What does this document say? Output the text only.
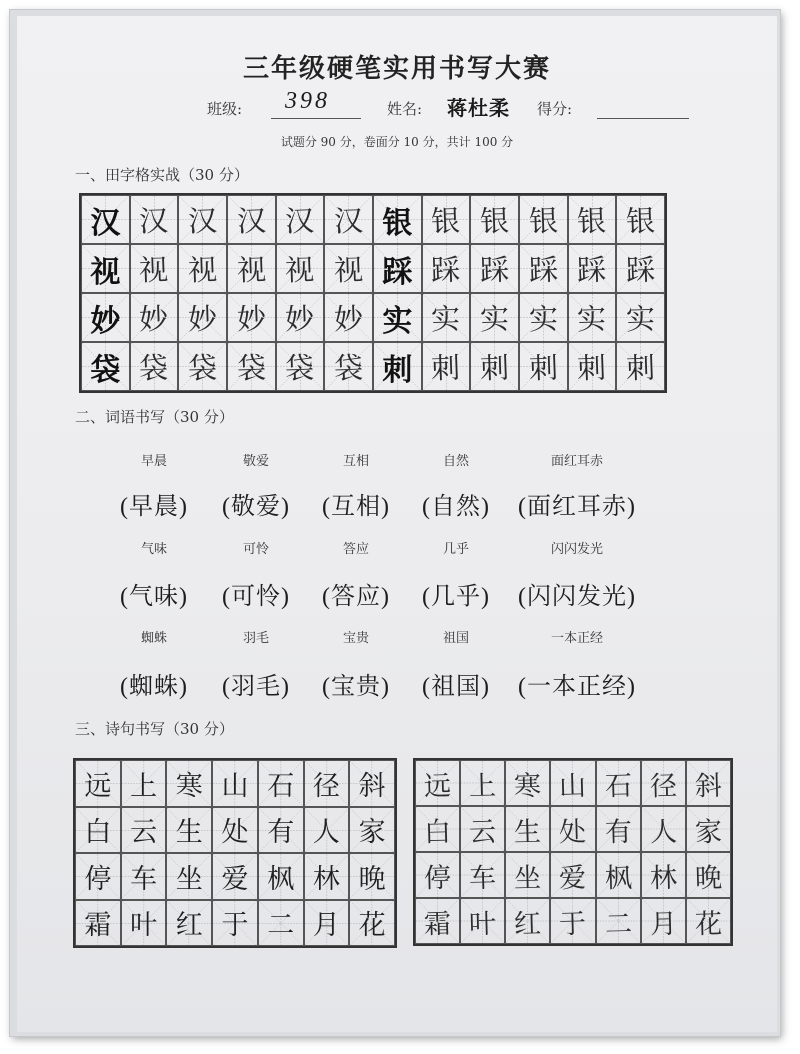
三年级硬笔实用书写大赛
班级: 398	姓名: 蒋杜柔 得分:
试题分 90 分，卷面分 10 分，共计 100 分
一、田字格实战（30 分）
汉 汉 汉 汉 汉 汉 银 银 银 银 银 银
视 视 视 视 视 视 踩 踩 踩 踩 踩 踩
妙 妙 妙 妙 妙 妙 实 实 实 实 实 实
袋 袋 袋 袋 袋 袋 刺 刺 刺 刺 刺 刺
二、词语书写（30 分）
早晨
(早晨)
敬爱
(敬爱)
互相
(互相)
自然
(自然)
面红耳赤
(面红耳赤)
气味
(气味)
可怜
(可怜)
答应
(答应)
几乎
(几乎)
闪闪发光
(闪闪发光)
蜘蛛
(蜘蛛)
羽毛
(羽毛)
宝贵
(宝贵)
祖国
(祖国)
一本正经
(一本正经)
三、诗句书写（30 分）
远 上 寒 山 石 径 斜
白 云 生 处 有 人 家
停 车 坐 爱 枫 林 晚
霜 叶 红 于 二 月 花
远 上 寒 山 石 径 斜
白 云 生 处 有 人 家
停 车 坐 爱 枫 林 晚
霜 叶 红 于 二 月 花
